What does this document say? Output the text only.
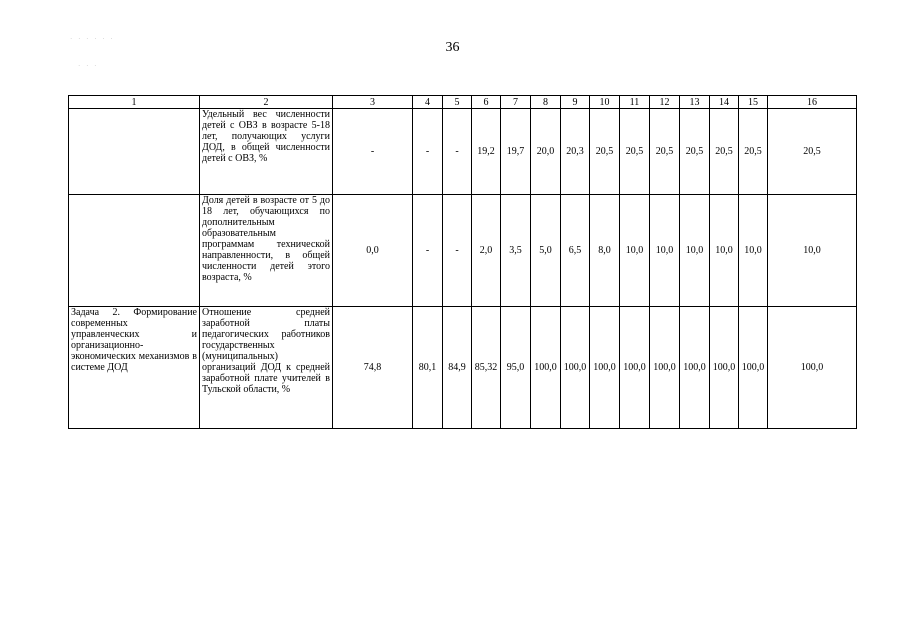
· · · · · ·
· · ·
36
1	2	3	4	5	6	7	8	9	10	11	12	13	14	15	16
	Удельный вес численности детей с ОВЗ в возрасте 5-18 лет, получающих услуги ДОД, в общей численности детей с ОВЗ, %	-	-	-	19,2	19,7	20,0	20,3	20,5	20,5	20,5	20,5	20,5	20,5	20,5
	Доля детей в возрасте от 5 до 18 лет, обучающихся по дополнительным образовательным программам технической направленности, в общей численности детей этого возраста, %	0,0	-	-	2,0	3,5	5,0	6,5	8,0	10,0	10,0	10,0	10,0	10,0	10,0
Задача 2. Формирование современных управленческих и организационно-экономических механизмов в системе ДОД	Отношение средней заработной платы педагогических работников государственных (муниципальных) организаций ДОД к средней заработной плате учителей в Тульской области, %	74,8	80,1	84,9	85,32	95,0	100,0	100,0	100,0	100,0	100,0	100,0	100,0	100,0	100,0
